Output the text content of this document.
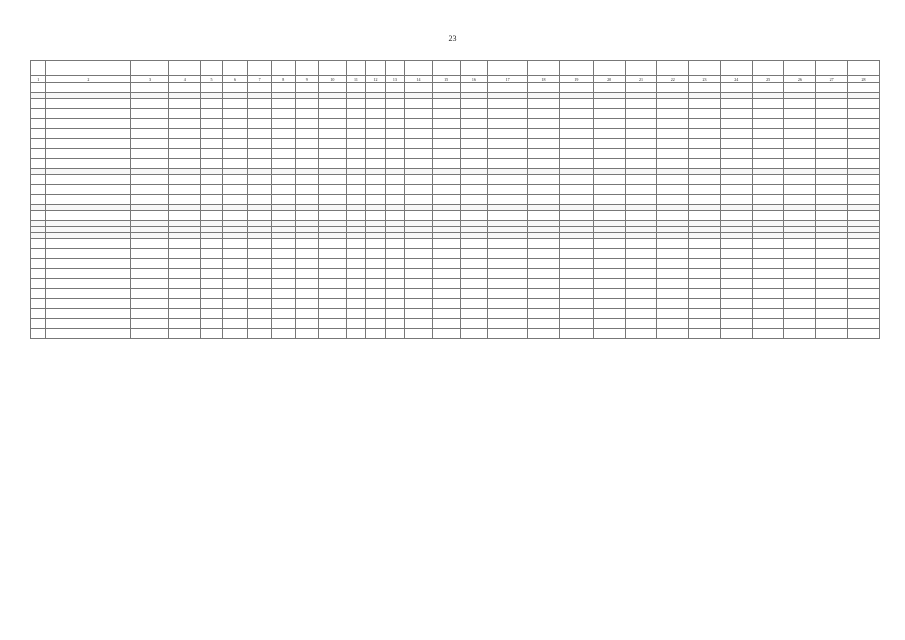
23

1	2	3	4	5	6	7	8	9	10	11	12	13	14	15	16	17	18	19	20	21	22	23	24	25	26	27	28
